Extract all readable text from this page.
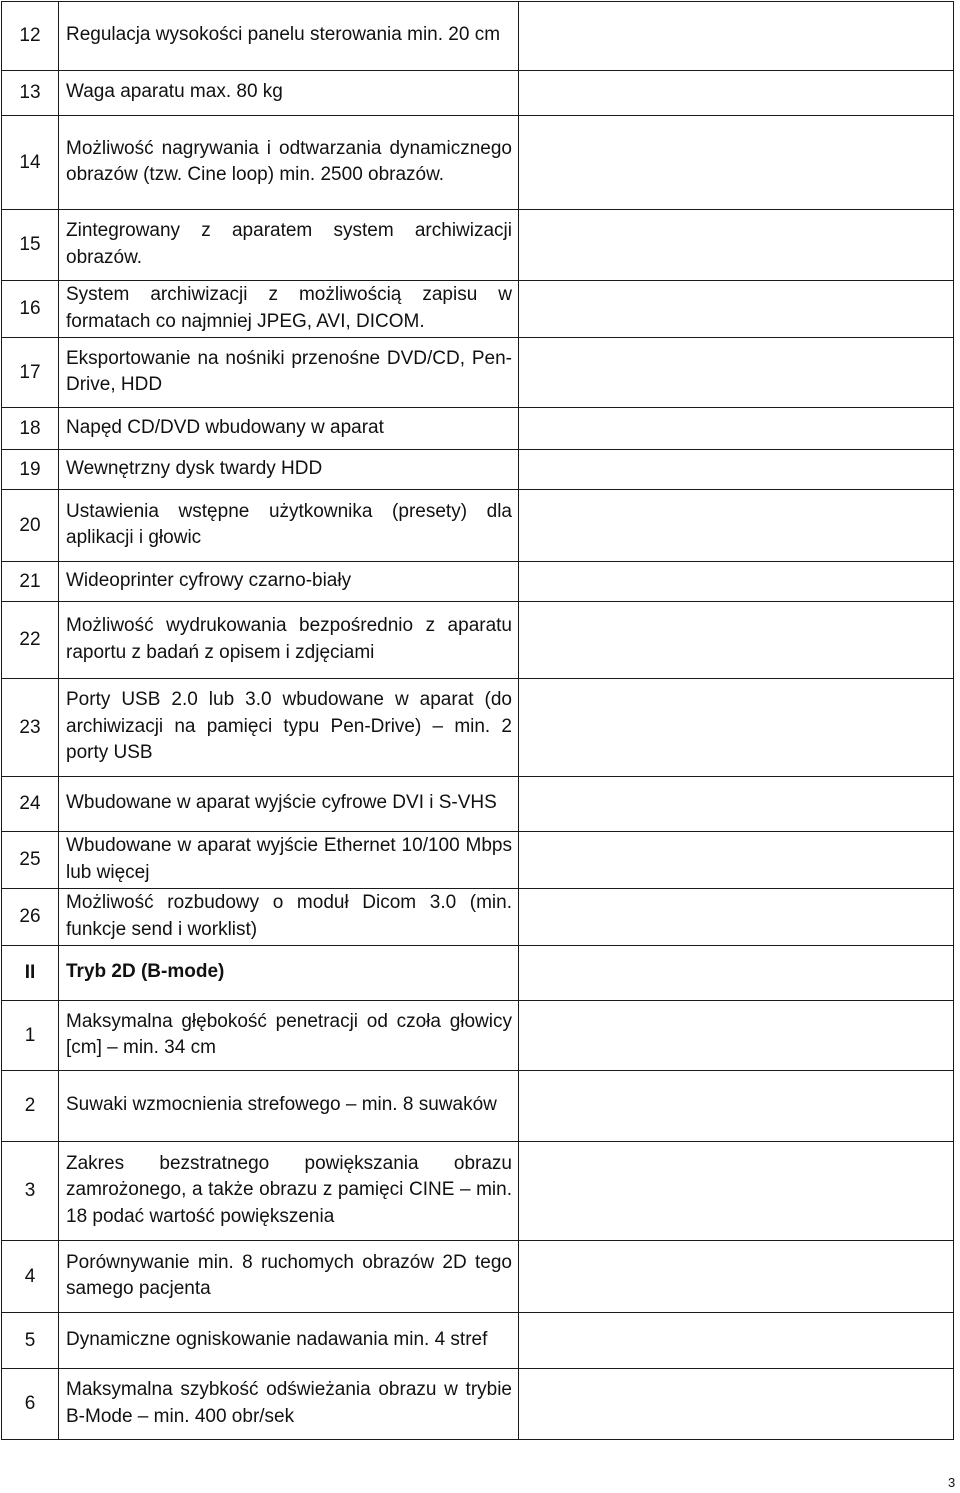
12	Regulacja wysokości panelu sterowania min. 20 cm	

13	Waga aparatu max. 80 kg	

14	Możliwość nagrywania i odtwarzania dynamicznego obrazów (tzw. Cine loop) min. 2500 obrazów.	

15	Zintegrowany z aparatem system archiwizacji obrazów.	

16	System archiwizacji z możliwością zapisu w formatach co najmniej JPEG, AVI, DICOM.	

17	Eksportowanie na nośniki przenośne DVD/CD, Pen-Drive, HDD	

18	Napęd CD/DVD wbudowany w aparat	

19	Wewnętrzny dysk twardy HDD	

20	Ustawienia wstępne użytkownika (presety) dla aplikacji i głowic	

21	Wideoprinter cyfrowy czarno-biały	

22	Możliwość wydrukowania bezpośrednio z aparatu raportu z badań z opisem i zdjęciami	

23	Porty USB 2.0 lub 3.0 wbudowane w aparat (do archiwizacji na pamięci typu Pen-Drive) – min. 2 porty USB	

24	Wbudowane w aparat wyjście cyfrowe DVI i S-VHS	

25	Wbudowane w aparat wyjście Ethernet 10/100 Mbps lub więcej	

26	Możliwość rozbudowy o moduł Dicom 3.0 (min. funkcje send i worklist)	

II	Tryb 2D (B-mode)	

1	Maksymalna głębokość penetracji od czoła głowicy [cm] – min. 34 cm	

2	Suwaki wzmocnienia strefowego – min. 8 suwaków	

3	Zakres bezstratnego powiększania obrazu zamrożonego, a także obrazu z pamięci CINE – min. 18 podać wartość powiększenia	

4	Porównywanie min. 8 ruchomych obrazów 2D tego samego pacjenta	

5	Dynamiczne ogniskowanie nadawania min. 4 stref	

6	Maksymalna szybkość odświeżania obrazu w trybie B-Mode – min. 400 obr/sek	

3
